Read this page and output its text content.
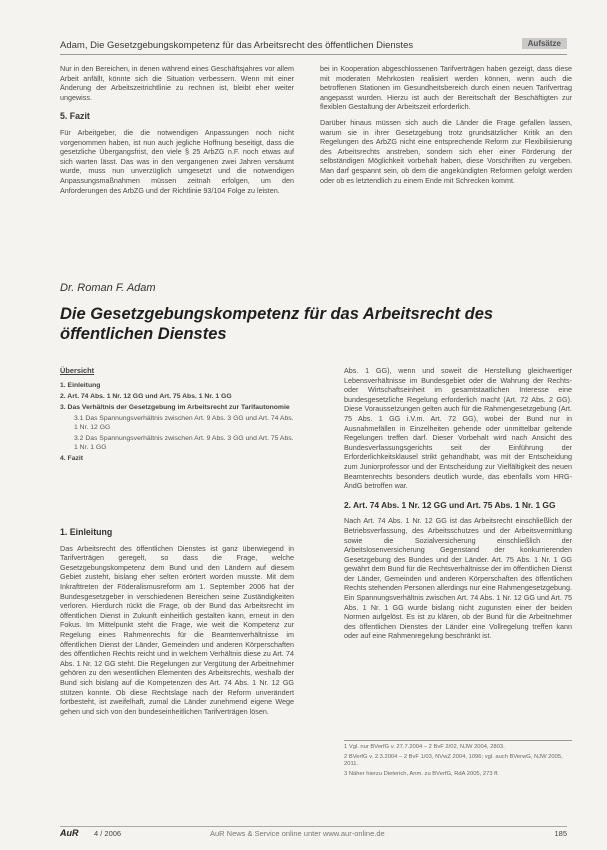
Adam, Die Gesetzgebungskompetenz für das Arbeitsrecht des öffentlichen Dienstes	Aufsätze

Nur in den Bereichen, in denen während eines Geschäftsjahres vor allem Arbeit anfällt, könnte sich die Situation verbessern. Wenn mit einer Änderung der Arbeitszeitrichtlinie zu rechnen ist, bleibt eher weiter ungewiss.

5. Fazit

Für Arbeitgeber, die die notwendigen Anpassungen noch nicht vorgenommen haben, ist nun auch jegliche Hoffnung beseitigt, dass die gesetzliche Übergangsfrist, den viele § 25 ArbZG n.F. noch etwas auf sich warten lässt. Das was in den vergangenen zwei Jahren versäumt wurde, muss nun unverzüglich umgesetzt und die notwendigen Anpassungsmaßnahmen müssen zeitnah erfolgen, um den Anforderungen des ArbZG und der Richtlinie 93/104 Folge zu leisten.

bei in Kooperation abgeschlossenen Tarifverträgen haben gezeigt, dass diese mit moderaten Mehrkosten realisiert werden können, wenn auch die betroffenen Stationen im Gesundheitsbereich durch einen neuen Tarifvertrag angepasst wurden. Hierzu ist auch der Bereitschaft der Beschäftigten zur flexiblen Gestaltung der Arbeitszeit erforderlich.

Darüber hinaus müssen sich auch die Länder die Frage gefallen lassen, warum sie in ihrer Gesetzgebung trotz grundsätzlicher Kritik an den Regelungen des ArbZG nicht eine entsprechende Reform zur Flexibilisierung des Arbeitsrechts anstreben, sondern sich eher einer Förderung der selbständigen Möglichkeit vorbehalt haben, diese Vorschriften zu vergeben. Man darf gespannt sein, ob dem die angekündigten Reformen gefolgt werden oder ob es letztendlich zu einem Ende mit Schrecken kommt.

Dr. Roman F. Adam
Die Gesetzgebungskompetenz für das Arbeitsrecht des öffentlichen Dienstes
Übersicht
1. Einleitung
2. Art. 74 Abs. 1 Nr. 12 GG und Art. 75 Abs. 1 Nr. 1 GG
3. Das Verhältnis der Gesetzgebung im Arbeitsrecht zur Tarifautonomie
3.1 Das Spannungsverhältnis zwischen Art. 9 Abs. 3 GG und Art. 74 Abs. 1 Nr. 12 GG
3.2 Das Spannungsverhältnis zwischen Art. 9 Abs. 3 GG und Art. 75 Abs. 1 Nr. 1 GG
4. Fazit
1. Einleitung

Das Arbeitsrecht des öffentlichen Dienstes ist ganz überwiegend in Tarifverträgen geregelt, so dass die Frage, welche Gesetzgebungskompetenz dem Bund und den Ländern auf diesem Gebiet zusteht, bislang eher selten erörtert worden musste. Mit dem Inkrafttreten der Föderalismusreform am 1. September 2006 hat der Bundesgesetzgeber in verschiedenen Bereichen seine Zuständigkeiten verloren. Hierdurch rückt die Frage, ob der Bund das Arbeitsrecht im öffentlichen Dienst in Zukunft einheitlich gestalten kann, erneut in den Fokus. Im Mittelpunkt steht die Frage, wie weit die Kompetenz zur Regelung eines Rahmenrechts für die Beamtenverhältnisse im öffentlichen Dienst der Länder, Gemeinden und anderen Körperschaften des öffentlichen Rechts reicht und in welchem Verhältnis diese zu Art. 74 Abs. 1 Nr. 12 GG steht. Die Regelungen zur Vergütung der Arbeitnehmer gehören zu den wesentlichen Elementen des Arbeitsrechts, weshalb der Bund sich bislang auf die Kompetenzen des Art. 74 Abs. 1 Nr. 12 GG stützen konnte. Ob diese Rechtslage nach der Reform unverändert fortbesteht, ist zweifelhaft, zumal die Länder zunehmend eigene Wege gehen und sich von den bundeseinheitlichen Tarifverträgen lösen.

Abs. 1 GG), wenn und soweit die Herstellung gleichwertiger Lebensverhältnisse im Bundesgebiet oder die Wahrung der Rechts- oder Wirtschaftseinheit im gesamtstaatlichen Interesse eine bundesgesetzliche Regelung erforderlich macht (Art. 72 Abs. 2 GG). Diese Voraussetzungen gelten auch für die Rahmengesetzgebung (Art. 75 Abs. 1 GG i.V.m. Art. 72 GG), wobei der Bund nur in Ausnahmefällen in Einzelheiten gehende oder unmittelbar geltende Regelungen treffen darf. Dieser Vorbehalt wird nach Ansicht des Bundesverfassungsgerichts seit der Einführung der Erforderlichkeitsklausel strikt gehandhabt, was mit der Entscheidung zum Juniorprofessor und der Entscheidung zur Vielfältigkeit des neuen Beamtenrechts besonders deutlich wurde, das ebenfalls vom HRG-ÄndG betroffen war.

2. Art. 74 Abs. 1 Nr. 12 GG und Art. 75 Abs. 1 Nr. 1 GG

Nach Art. 74 Abs. 1 Nr. 12 GG ist das Arbeitsrecht einschließlich der Betriebsverfassung, des Arbeitsschutzes und der Arbeitsvermittlung sowie die Sozialversicherung einschließlich der Arbeitslosenversicherung Gegenstand der konkurrierenden Gesetzgebung des Bundes und der Länder. Art. 75 Abs. 1 Nr. 1 GG gewährt dem Bund für die Rechtsverhältnisse der im öffentlichen Dienst der Länder, Gemeinden und anderen Körperschaften des öffentlichen Rechts stehenden Personen allerdings nur eine Rahmengesetzgebung. Ein Spannungsverhältnis zwischen Art. 74 Abs. 1 Nr. 12 GG und Art. 75 Abs. 1 Nr. 1 GG wurde bislang nicht zugunsten einer der beiden Normen aufgelöst. Es ist zu klären, ob der Bund für die Arbeitnehmer des öffentlichen Dienstes der Länder eine Vollregelung treffen kann oder auf eine Rahmenregelung beschränkt ist.

1 Vgl. nur BVerfG v. 27.7.2004 – 2 BvF 2/02, NJW 2004, 2803.
2 BVerfG v. 2.3.2004 – 2 BvF 1/03, NVwZ 2004, 1096; vgl. auch BVerwG, NJW 2005, 2011.
3 Näher hierzu Dieterich, Anm. zu BVerfG, RdA 2005, 273 ff.
AuR 4 / 2006	AuR News & Service online unter www.aur-online.de	185
